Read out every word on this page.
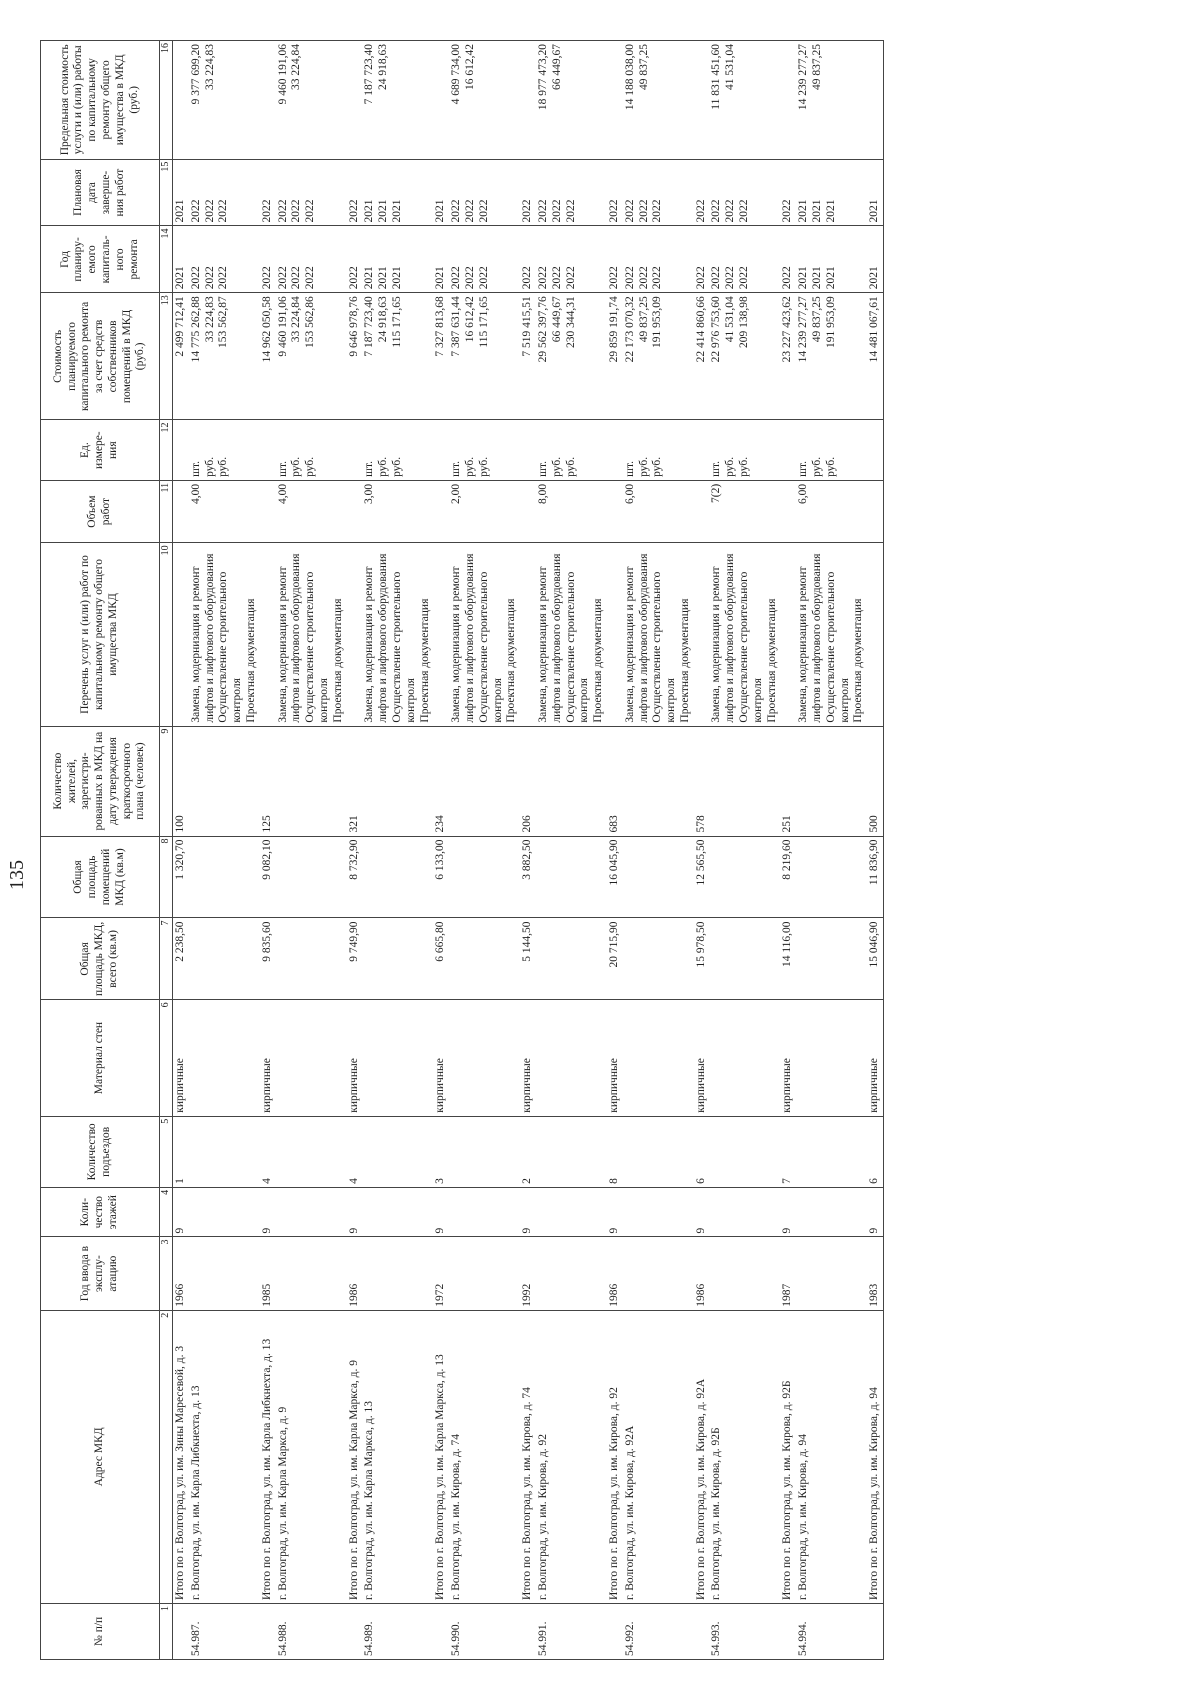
135
№ п/п	Адрес МКД	Год ввода в эксплу-атацию	Коли-чество этажей	Количество подъездов	Материал стен	Общая площадь МКД, всего (кв.м)	Общая площадь помещений МКД (кв.м)	Количество жителей, зарегистри-рованных в МКД на дату утверждения краткосрочного плана (человек)	Перечень услуг и (или) работ по капитальному ремонту общего имущества МКД	Объем работ	Ед. измере-ния	Стоимость планируемого капитального ремонта за счет средств собственников помещений в МКД (руб.)	Год планиру-емого капиталь-ного ремонта	Плановая дата заверше-ния работ	Предельная стоимость услуги и (или) работы по капитальному ремонту общего имущества в МКД (руб.)
1	2	3	4	5	6	7	8	9	10	11	12	13	14	15	16
	Итого по г. Волгоград, ул. им. Зины Маресевой, д. 3	1966	9	1	кирпичные	2 238,50	1 320,70	100				2 499 712,41	2021	2021	

54.987.	г. Волгоград, ул. им. Карла Либкнехта, д. 13								Замена, модернизация и ремонт лифтов и лифтового оборудования Осуществление строительного контроля Проектная документация	4,00	шт. руб. руб.	14 775 262,88 33 224,83 153 562,87	2022 2022 2022	2022 2022 2022	9 377 699,20 33 224,83

	Итого по г. Волгоград, ул. им. Карла Либкнехта, д. 13	1985	9	4	кирпичные	9 835,60	9 082,10	125				14 962 050,58	2022	2022	

54.988.	г. Волгоград, ул. им. Карла Маркса, д. 9								Замена, модернизация и ремонт лифтов и лифтового оборудования Осуществление строительного контроля Проектная документация	4,00	шт. руб. руб.	9 460 191,06 33 224,84 153 562,86	2022 2022 2022	2022 2022 2022	9 460 191,06 33 224,84

	Итого по г. Волгоград, ул. им. Карла Маркса, д. 9	1986	9	4	кирпичные	9 749,90	8 732,90	321				9 646 978,76	2022	2022	

54.989.	г. Волгоград, ул. им. Карла Маркса, д. 13								Замена, модернизация и ремонт лифтов и лифтового оборудования Осуществление строительного контроля Проектная документация	3,00	шт. руб. руб.	7 187 723,40 24 918,63 115 171,65	2021 2021 2021	2021 2021 2021	7 187 723,40 24 918,63

	Итого по г. Волгоград, ул. им. Карла Маркса, д. 13	1972	9	3	кирпичные	6 665,80	6 133,00	234				7 327 813,68	2021	2021	

54.990.	г. Волгоград, ул. им. Кирова, д. 74								Замена, модернизация и ремонт лифтов и лифтового оборудования Осуществление строительного контроля Проектная документация	2,00	шт. руб. руб.	7 387 631,44 16 612,42 115 171,65	2022 2022 2022	2022 2022 2022	4 689 734,00 16 612,42

	Итого по г. Волгоград, ул. им. Кирова, д. 74	1992	9	2	кирпичные	5 144,50	3 882,50	206				7 519 415,51	2022	2022	

54.991.	г. Волгоград, ул. им. Кирова, д. 92								Замена, модернизация и ремонт лифтов и лифтового оборудования Осуществление строительного контроля Проектная документация	8,00	шт. руб. руб.	29 562 397,76 66 449,67 230 344,31	2022 2022 2022	2022 2022 2022	18 977 473,20 66 449,67

	Итого по г. Волгоград, ул. им. Кирова, д. 92	1986	9	8	кирпичные	20 715,90	16 045,90	683				29 859 191,74	2022	2022	

54.992.	г. Волгоград, ул. им. Кирова, д. 92А								Замена, модернизация и ремонт лифтов и лифтового оборудования Осуществление строительного контроля Проектная документация	6,00	шт. руб. руб.	22 173 070,32 49 837,25 191 953,09	2022 2022 2022	2022 2022 2022	14 188 038,00 49 837,25

	Итого по г. Волгоград, ул. им. Кирова, д. 92А	1986	9	6	кирпичные	15 978,50	12 565,50	578				22 414 860,66	2022	2022	

54.993.	г. Волгоград, ул. им. Кирова, д. 92Б								Замена, модернизация и ремонт лифтов и лифтового оборудования Осуществление строительного контроля Проектная документация	7(2)	шт. руб. руб.	22 976 753,60 41 531,04 209 138,98	2022 2022 2022	2022 2022 2022	11 831 451,60 41 531,04

	Итого по г. Волгоград, ул. им. Кирова, д. 92Б	1987	9	7	кирпичные	14 116,00	8 219,60	251				23 227 423,62	2022	2022	

54.994.	г. Волгоград, ул. им. Кирова, д. 94								Замена, модернизация и ремонт лифтов и лифтового оборудования Осуществление строительного контроля Проектная документация	6,00	шт. руб. руб.	14 239 277,27 49 837,25 191 953,09	2021 2021 2021	2021 2021 2021	14 239 277,27 49 837,25

	Итого по г. Волгоград, ул. им. Кирова, д. 94	1983	9	6	кирпичные	15 046,90	11 836,90	500				14 481 067,61	2021	2021	
